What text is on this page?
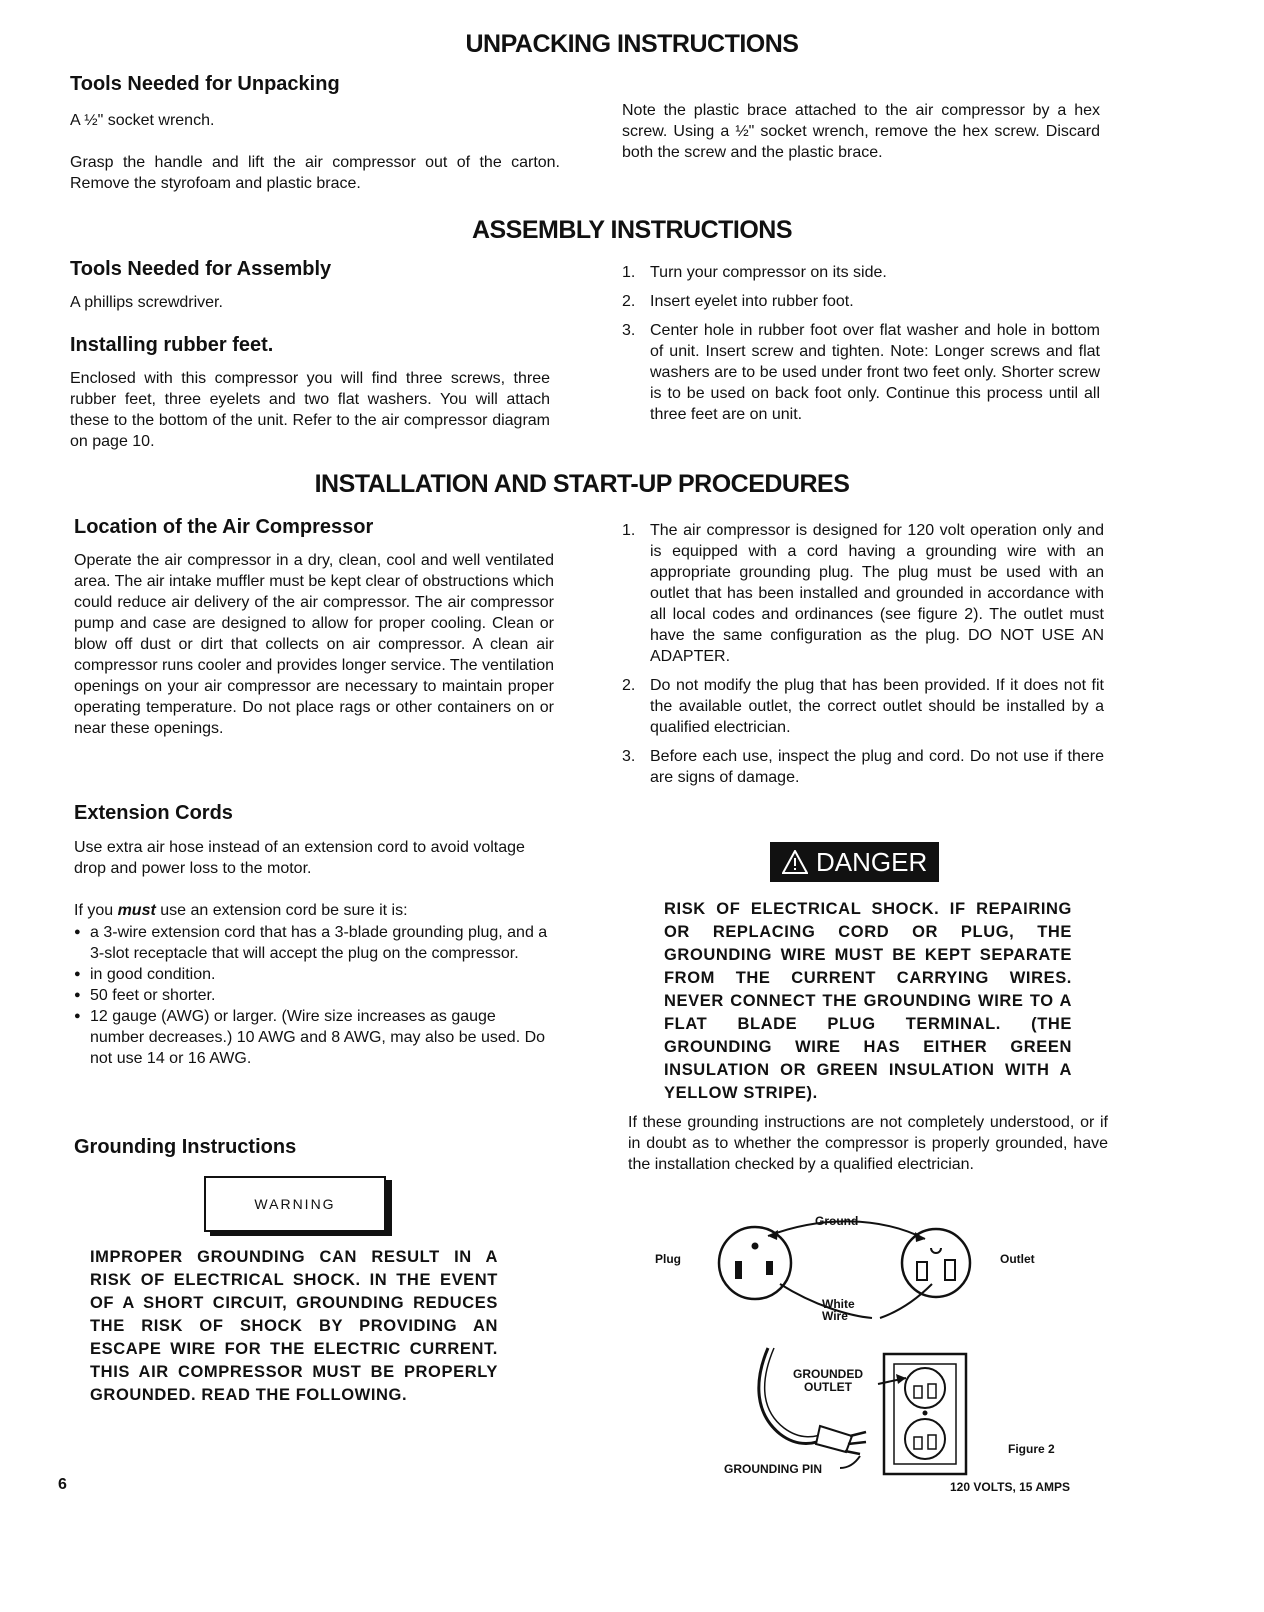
UNPACKING INSTRUCTIONS
Tools Needed for Unpacking

A ½" socket wrench.

Grasp the handle and lift the air compressor out of the carton. Remove the styrofoam and plastic brace.

Note the plastic brace attached to the air compressor by a hex screw. Using a ½" socket wrench, remove the hex screw. Discard both the screw and the plastic brace.

ASSEMBLY INSTRUCTIONS
Tools Needed for Assembly

A phillips screwdriver.

Installing rubber feet.

Enclosed with this compressor you will find three screws, three rubber feet, three eyelets and two flat washers. You will attach these to the bottom of the unit. Refer to the air compressor diagram on page 10.

1. Turn your compressor on its side.
2. Insert eyelet into rubber foot.
3. Center hole in rubber foot over flat washer and hole in bottom of unit. Insert screw and tighten. Note: Longer screws and flat washers are to be used under front two feet only. Shorter screw is to be used on back foot only. Continue this process until all three feet are on unit.
INSTALLATION AND START-UP PROCEDURES
Location of the Air Compressor

Operate the air compressor in a dry, clean, cool and well ventilated area. The air intake muffler must be kept clear of obstructions which could reduce air delivery of the air compressor. The air compressor pump and case are designed to allow for proper cooling. Clean or blow off dust or dirt that collects on air compressor. A clean air compressor runs cooler and provides longer service. The ventilation openings on your air compressor are necessary to maintain proper operating temperature. Do not place rags or other containers on or near these openings.

Extension Cords

Use extra air hose instead of an extension cord to avoid voltage drop and power loss to the motor.

If you must use an extension cord be sure it is:

● a 3-wire extension cord that has a 3-blade grounding plug, and a 3-slot receptacle that will accept the plug on the compressor.
● in good condition.
● 50 feet or shorter.
● 12 gauge (AWG) or larger. (Wire size increases as gauge number decreases.) 10 AWG and 8 AWG, may also be used. Do not use 14 or 16 AWG.
Grounding Instructions
WARNING
IMPROPER GROUNDING CAN RESULT IN A RISK OF ELECTRICAL SHOCK. IN THE EVENT OF A SHORT CIRCUIT, GROUNDING REDUCES THE RISK OF SHOCK BY PROVIDING AN ESCAPE WIRE FOR THE ELECTRIC CURRENT. THIS AIR COMPRESSOR MUST BE PROPERLY GROUNDED. READ THE FOLLOWING.
1. The air compressor is designed for 120 volt operation only and is equipped with a cord having a grounding wire with an appropriate grounding plug. The plug must be used with an outlet that has been installed and grounded in accordance with all local codes and ordinances (see figure 2). The outlet must have the same configuration as the plug. DO NOT USE AN ADAPTER.
2. Do not modify the plug that has been provided. If it does not fit the available outlet, the correct outlet should be installed by a qualified electrician.
3. Before each use, inspect the plug and cord. Do not use if there are signs of damage.
DANGER
RISK OF ELECTRICAL SHOCK. IF REPAIRING OR REPLACING CORD OR PLUG, THE GROUNDING WIRE MUST BE KEPT SEPARATE FROM THE CURRENT CARRYING WIRES. NEVER CONNECT THE GROUNDING WIRE TO A FLAT BLADE PLUG TERMINAL. (THE GROUNDING WIRE HAS EITHER GREEN INSULATION OR GREEN INSULATION WITH A YELLOW STRIPE).

If these grounding instructions are not completely understood, or if in doubt as to whether the compressor is properly grounded, have the installation checked by a qualified electrician.

Ground
Plug	Outlet
White Wire
GROUNDED OUTLET
GROUNDING PIN
Figure 2
120 VOLTS, 15 AMPS
6
